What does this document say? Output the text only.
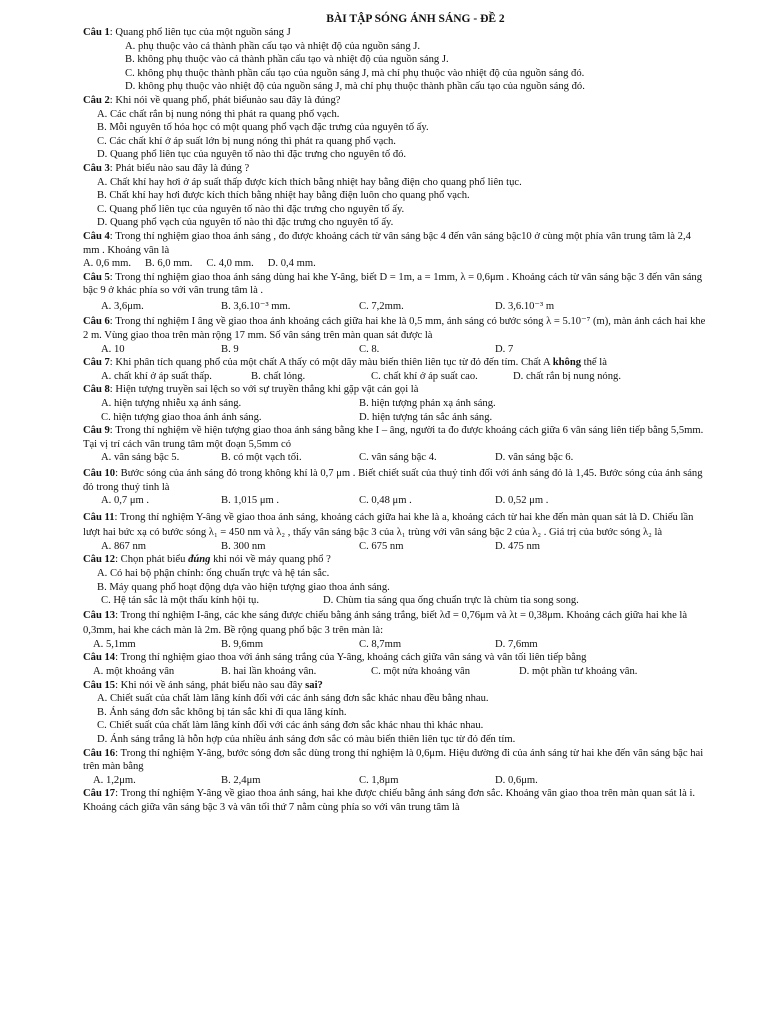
BÀI TẬP SÓNG ÁNH SÁNG - ĐỀ 2
Câu 1: Quang phổ liên tục của một nguồn sáng J
A. phụ thuộc vào cả thành phần cấu tạo và nhiệt độ của nguồn sáng J.
B. không phụ thuộc vào cả thành phần cấu tạo và nhiệt độ của nguồn sáng J.
C. không phụ thuộc thành phần cấu tạo của nguồn sáng J, mà chỉ phụ thuộc vào nhiệt độ của nguồn sáng đó.
D. không phụ thuộc vào nhiệt độ của nguồn sáng J, mà chỉ phụ thuộc thành phần cấu tạo của nguồn sáng đó.
Câu 2: Khi nói về quang phổ, phát biểunào sau đây là đúng?
A. Các chất rắn bị nung nóng thì phát ra quang phổ vạch.
B. Mỗi nguyên tố hóa học có một quang phổ vạch đặc trưng của nguyên tố ấy.
C. Các chất khí ở áp suất lớn bị nung nóng thì phát ra quang phổ vạch.
D. Quang phổ liên tục của nguyên tố nào thì đặc trưng cho nguyên tố đó.
Câu 3: Phát biểu nào sau đây là đúng ?
A. Chất khí hay hơi ở áp suất thấp được kích thích bằng nhiệt hay bằng điện cho quang phổ liên tục.
B. Chất khí hay hơi được kích thích bằng nhiệt hay bằng điện luôn cho quang phổ vạch.
C. Quang phổ liên tục của nguyên tố nào thì đặc trưng cho nguyên tố ấy.
D. Quang phổ vạch của nguyên tố nào thì đặc trưng cho nguyên tố ấy.
Câu 4: Trong thí nghiệm giao thoa ánh sáng , đo được khoảng cách từ vân sáng bậc 4 đến vân sáng bậc10 ở cùng một phía vân trung tâm là 2,4 mm . Khoảng vân là
A. 0,6 mm. B. 6,0 mm. C. 4,0 mm. D. 0,4 mm.
Câu 5: Trong thí nghiệm giao thoa ánh sáng dùng hai khe Y-âng, biết D = 1m, a = 1mm, λ = 0,6μm . Khoảng cách từ vân sáng bậc 3 đến vân sáng bậc 9 ở khác phía so với vân trung tâm là .
A. 3,6μm.	B. 3,6.10⁻³ mm.	C. 7,2mm.	D. 3,6.10⁻³ m
Câu 6: Trong thí nghiệm I âng về giao thoa ánh khoảng cách giữa hai khe là 0,5 mm, ánh sáng có bước sóng λ = 5.10⁻⁷ (m), màn ảnh cách hai khe 2 m. Vùng giao thoa trên màn rộng 17 mm. Số vân sáng trên màn quan sát được là
A. 10	B. 9	C. 8.	D. 7
Câu 7: Khi phân tích quang phổ của một chất A thấy có một dãy màu biến thiên liên tục từ đỏ đến tím. Chất A không thể là
A. chất khí ở áp suất thấp.	B. chất lỏng.	C. chất khí ở áp suất cao.	D. chất rắn bị nung nóng.
Câu 8: Hiện tượng truyền sai lệch so với sự truyền thẳng khi gặp vật cản gọi là
A. hiện tượng nhiễu xạ ánh sáng.	B. hiện tượng phản xạ ánh sáng.
C. hiện tượng giao thoa ánh ánh sáng.	D. hiện tượng tán sắc ánh sáng.
Câu 9: Trong thí nghiệm về hiện tượng giao thoa ánh sáng bằng khe I – âng, người ta đo được khoảng cách giữa 6 vân sáng liên tiếp bằng 5,5mm. Tại vị trí cách vân trung tâm một đoạn 5,5mm có
A. vân sáng bậc 5.	B. có một vạch tối.	C. vân sáng bậc 4.	D. vân sáng bậc 6.
Câu 10: Bước sóng của ánh sáng đỏ trong không khí là 0,7 μm . Biết chiết suất của thuỷ tinh đối với ánh sáng đỏ là 1,45. Bước sóng của ánh sáng đỏ trong thuỷ tinh là
A. 0,7 μm .	B. 1,015 μm .	C. 0,48 μm .	D. 0,52 μm .
Câu 11: Trong thí nghiệm Y-âng về giao thoa ánh sáng, khoảng cách giữa hai khe là a, khoảng cách từ hai khe đến màn quan sát là D. Chiếu lần lượt hai bức xạ có bước sóng λ₁ = 450 nm và λ₂ , thấy vân sáng bậc 3 của λ₁ trùng với vân sáng bậc 2 của λ₂ . Giá trị của bước sóng λ₂ là
A. 867 nm	B. 300 nm	C. 675 nm	D. 475 nm
Câu 12: Chọn phát biểu đúng khi nói về máy quang phổ ?
A. Có hai bộ phận chính: ống chuẩn trực và hệ tán sắc.
B. Máy quang phổ hoạt động dựa vào hiện tượng giao thoa ánh sáng.
C. Hệ tán sắc là một thấu kính hội tụ.	D. Chùm tia sáng qua ống chuẩn trực là chùm tia song song.
Câu 13: Trong thí nghiệm I-âng, các khe sáng được chiếu bằng ánh sáng trắng, biết λđ = 0,76μm và λt = 0,38μm. Khoảng cách giữa hai khe là 0,3mm, hai khe cách màn là 2m. Bề rộng quang phổ bậc 3 trên màn là:
A. 5,1mm	B. 9,6mm	C. 8,7mm	D. 7,6mm
Câu 14: Trong thí nghiệm giao thoa với ánh sáng trắng của Y-âng, khoảng cách giữa vân sáng và vân tối liên tiếp bằng
A. một khoảng vân	B. hai lần khoảng vân.	C. một nửa khoảng vân	D. một phần tư khoảng vân.
Câu 15: Khi nói về ánh sáng, phát biểu nào sau đây sai?
A. Chiết suất của chất làm lăng kính đối với các ánh sáng đơn sắc khác nhau đều bằng nhau.
B. Ánh sáng đơn sắc không bị tán sắc khi đi qua lăng kính.
C. Chiết suất của chất làm lăng kính đối với các ánh sáng đơn sắc khác nhau thì khác nhau.
D. Ánh sáng trắng là hỗn hợp của nhiều ánh sáng đơn sắc có màu biến thiên liên tục từ đỏ đến tím.
Câu 16: Trong thí nghiệm Y-âng, bước sóng đơn sắc dùng trong thí nghiệm là 0,6μm. Hiệu đường đi của ánh sáng từ hai khe đến vân sáng bậc hai trên màn bằng
A. 1,2μm.	B. 2,4μm	C. 1,8μm	D. 0,6μm.
Câu 17: Trong thí nghiệm Y-âng về giao thoa ánh sáng, hai khe được chiếu bằng ánh sáng đơn sắc. Khoảng vân giao thoa trên màn quan sát là i. Khoảng cách giữa vân sáng bậc 3 và vân tối thứ 7 nằm cùng phía so với vân trung tâm là
